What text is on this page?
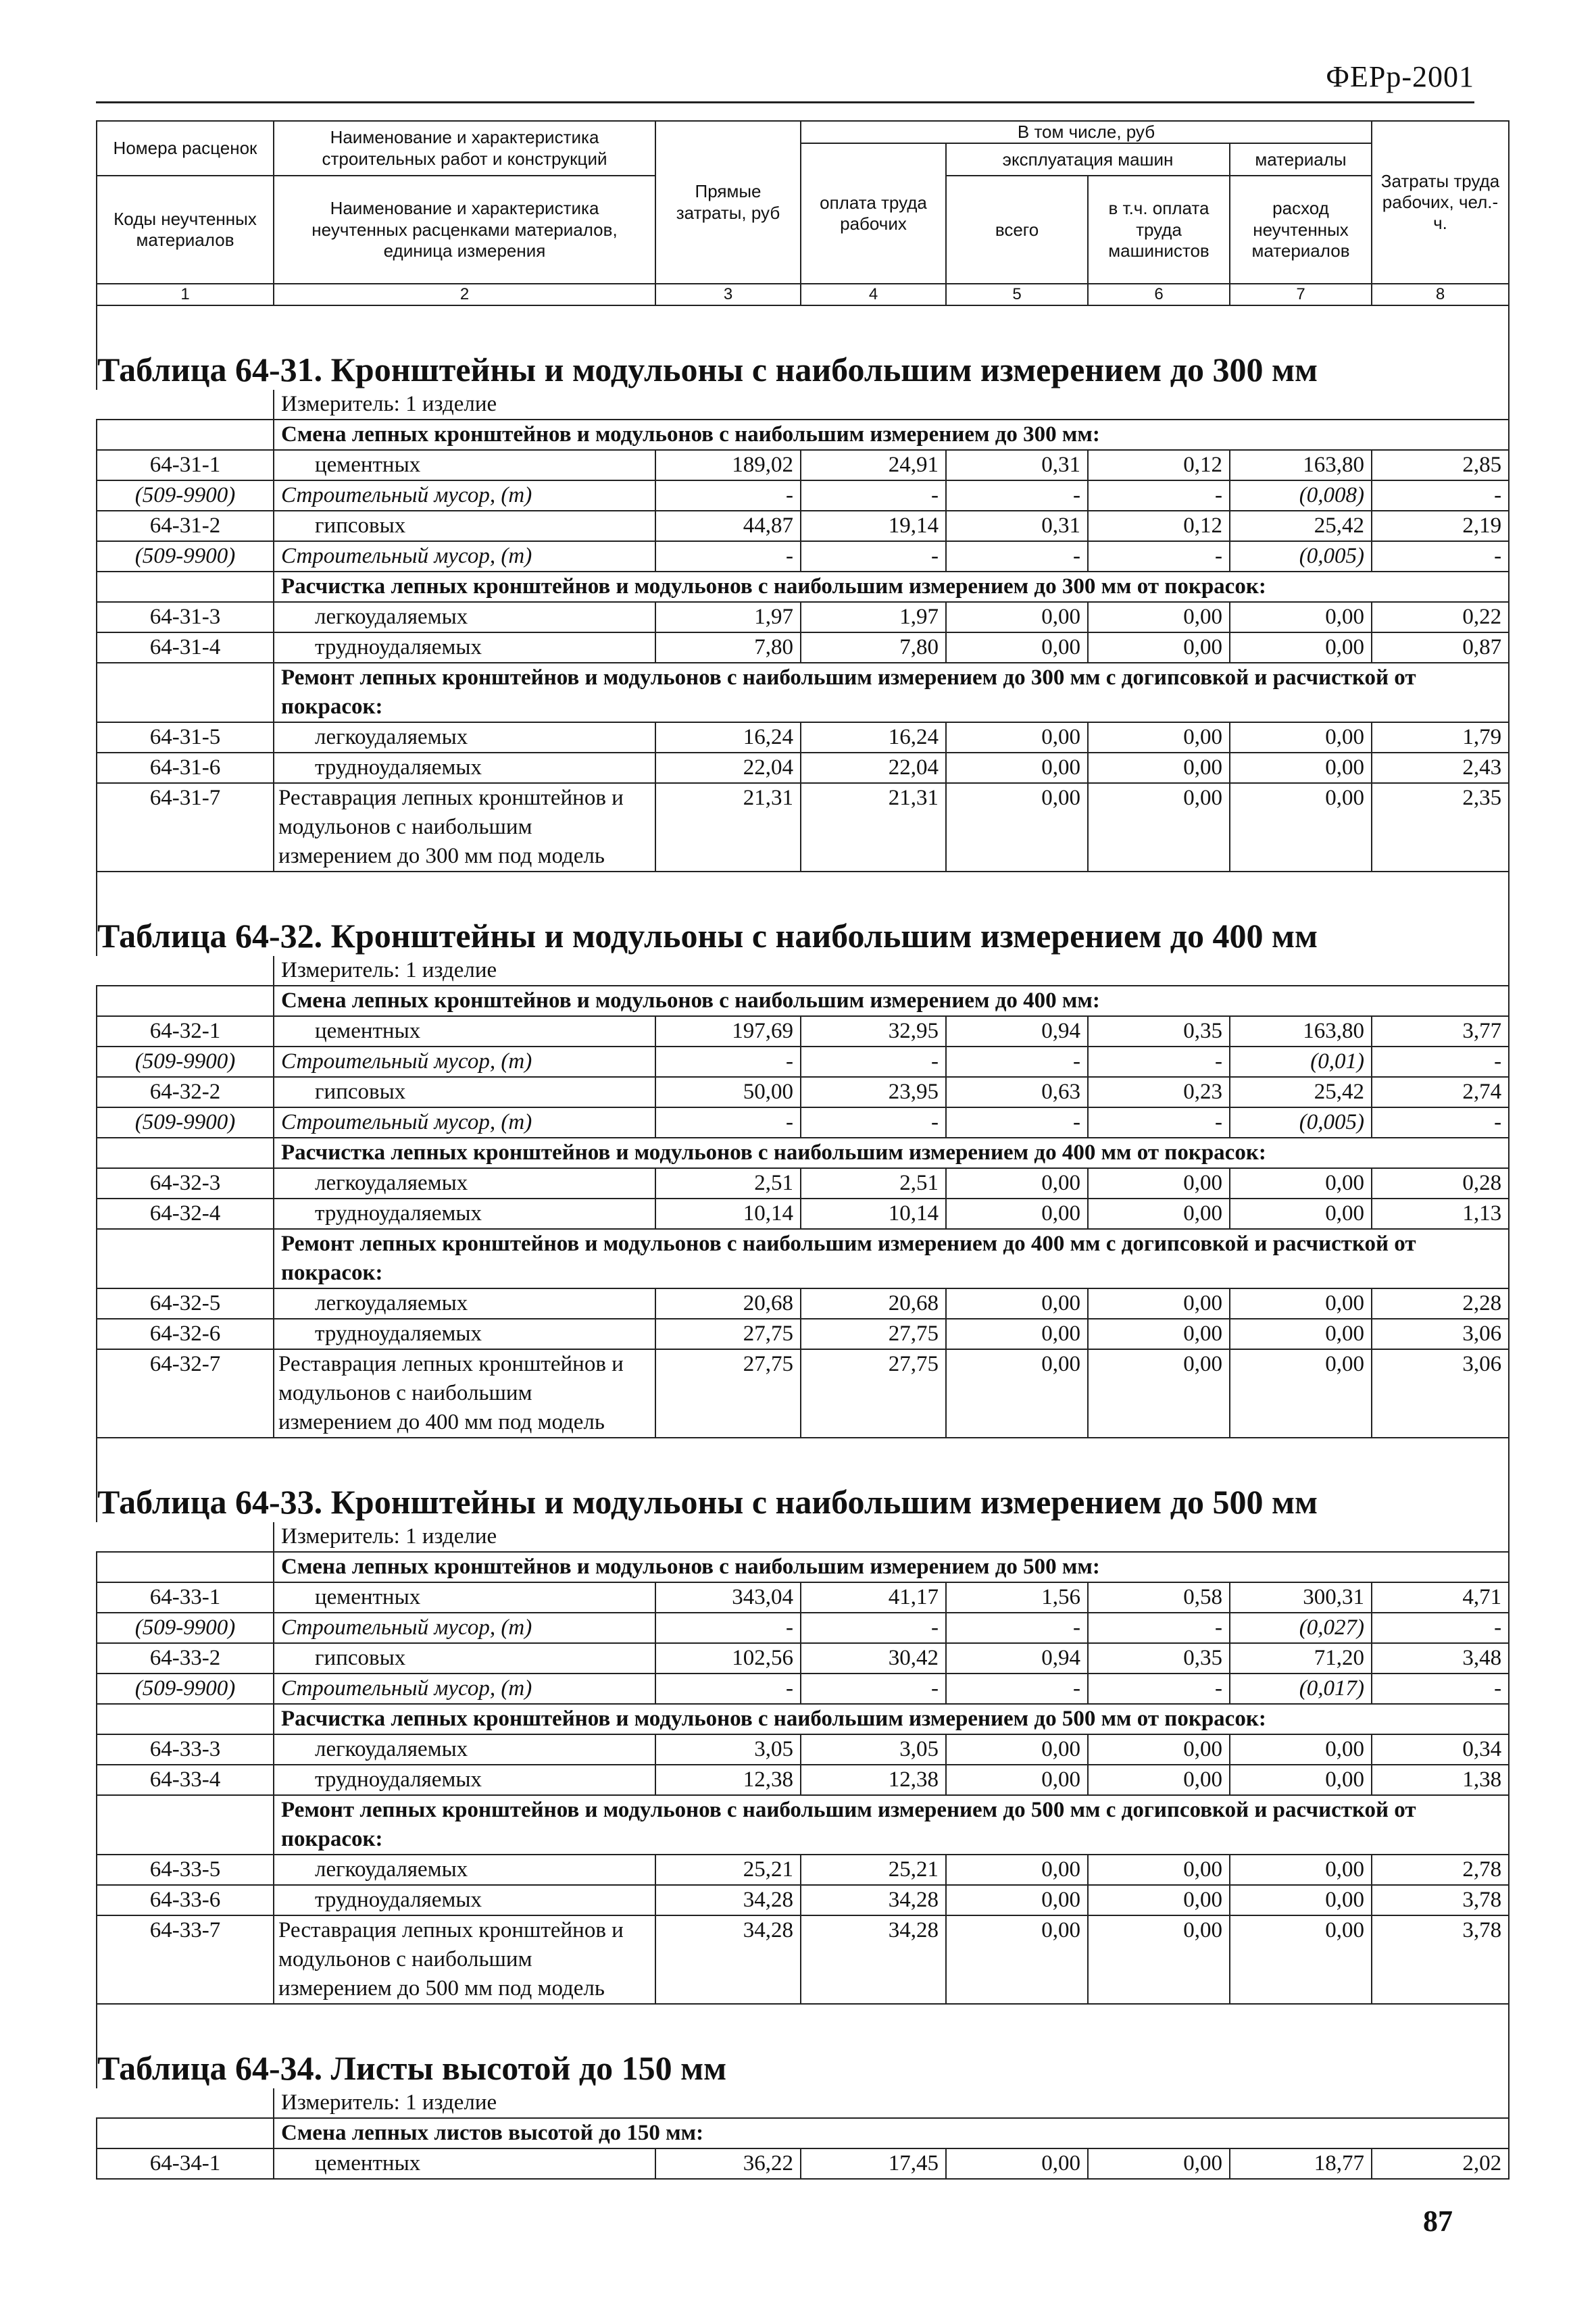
ФЕРр-2001
Номера расценок	Наименование и характеристика строительных работ и конструкций	Прямые затраты, руб	В том числе, руб				Затраты труда рабочих, чел.-ч.
			оплата труда рабочих	эксплуатация машин		материалы	
Коды неучтенных материалов	Наименование и характеристика неучтенных расценками материалов, единица измерения			всего	в т.ч. оплата труда машинистов	расход неучтенных материалов	

1	2	3	4	5	6	7	8
Таблица 64-31. Кронштейны и модульоны с наибольшим измерением до 300 мм							
	Измеритель: 1 изделие						
	Смена лепных кронштейнов и модульонов с наибольшим измерением до 300 мм:						
64-31-1	цементных	189,02	24,91	0,31	0,12	163,80	2,85
(509-9900)	Строительный мусор, (т)	-	-	-	-	(0,008)	-
64-31-2	гипсовых	44,87	19,14	0,31	0,12	25,42	2,19
(509-9900)	Строительный мусор, (т)	-	-	-	-	(0,005)	-
	Расчистка лепных кронштейнов и модульонов с наибольшим измерением до 300 мм от покрасок:						
64-31-3	легкоудаляемых	1,97	1,97	0,00	0,00	0,00	0,22
64-31-4	трудноудаляемых	7,80	7,80	0,00	0,00	0,00	0,87
	Ремонт лепных кронштейнов и модульонов с наибольшим измерением до 300 мм с догипсовкой и расчисткой от покрасок:						
64-31-5	легкоудаляемых	16,24	16,24	0,00	0,00	0,00	1,79
64-31-6	трудноудаляемых	22,04	22,04	0,00	0,00	0,00	2,43
64-31-7	Реставрация лепных кронштейнов и модульонов с наибольшим измерением до 300 мм под модель	21,31	21,31	0,00	0,00	0,00	2,35
Таблица 64-32. Кронштейны и модульоны с наибольшим измерением до 400 мм							
	Измеритель: 1 изделие						
	Смена лепных кронштейнов и модульонов с наибольшим измерением до 400 мм:						
64-32-1	цементных	197,69	32,95	0,94	0,35	163,80	3,77
(509-9900)	Строительный мусор, (т)	-	-	-	-	(0,01)	-
64-32-2	гипсовых	50,00	23,95	0,63	0,23	25,42	2,74
(509-9900)	Строительный мусор, (т)	-	-	-	-	(0,005)	-
	Расчистка лепных кронштейнов и модульонов с наибольшим измерением до 400 мм от покрасок:						
64-32-3	легкоудаляемых	2,51	2,51	0,00	0,00	0,00	0,28
64-32-4	трудноудаляемых	10,14	10,14	0,00	0,00	0,00	1,13
	Ремонт лепных кронштейнов и модульонов с наибольшим измерением до 400 мм с догипсовкой и расчисткой от покрасок:						
64-32-5	легкоудаляемых	20,68	20,68	0,00	0,00	0,00	2,28
64-32-6	трудноудаляемых	27,75	27,75	0,00	0,00	0,00	3,06
64-32-7	Реставрация лепных кронштейнов и модульонов с наибольшим измерением до 400 мм под модель	27,75	27,75	0,00	0,00	0,00	3,06
Таблица 64-33. Кронштейны и модульоны с наибольшим измерением до 500 мм							
	Измеритель: 1 изделие						
	Смена лепных кронштейнов и модульонов с наибольшим измерением до 500 мм:						
64-33-1	цементных	343,04	41,17	1,56	0,58	300,31	4,71
(509-9900)	Строительный мусор, (т)	-	-	-	-	(0,027)	-
64-33-2	гипсовых	102,56	30,42	0,94	0,35	71,20	3,48
(509-9900)	Строительный мусор, (т)	-	-	-	-	(0,017)	-
	Расчистка лепных кронштейнов и модульонов с наибольшим измерением до 500 мм от покрасок:						
64-33-3	легкоудаляемых	3,05	3,05	0,00	0,00	0,00	0,34
64-33-4	трудноудаляемых	12,38	12,38	0,00	0,00	0,00	1,38
	Ремонт лепных кронштейнов и модульонов с наибольшим измерением до 500 мм с догипсовкой и расчисткой от покрасок:						
64-33-5	легкоудаляемых	25,21	25,21	0,00	0,00	0,00	2,78
64-33-6	трудноудаляемых	34,28	34,28	0,00	0,00	0,00	3,78
64-33-7	Реставрация лепных кронштейнов и модульонов с наибольшим измерением до 500 мм под модель	34,28	34,28	0,00	0,00	0,00	3,78
Таблица 64-34. Листы высотой до 150 мм							
	Измеритель: 1 изделие						
	Смена лепных листов высотой до 150 мм:						
64-34-1	цементных	36,22	17,45	0,00	0,00	18,77	2,02
87
